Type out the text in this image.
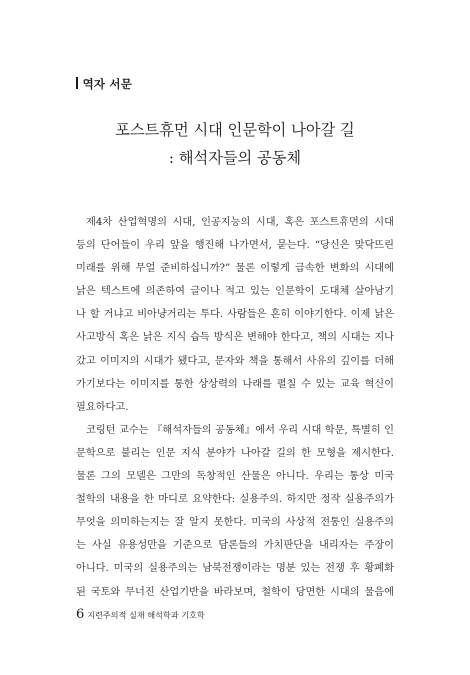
역자 서문
포스트휴먼 시대 인문학이 나아갈 길
: 해석자들의 공동체
제4차 산업혁명의 시대, 인공지능의 시대, 혹은 포스트휴먼의 시대
등의 단어들이 우리 앞을 행진해 나가면서, 묻는다. “당신은 맞닥뜨린
미래를 위해 무얼 준비하십니까?” 물론 이렇게 급속한 변화의 시대에
낡은 텍스트에 의존하여 글이나 적고 있는 인문학이 도대체 살아남기
나 할 거냐고 비아냥거리는 투다. 사람들은 흔히 이야기한다. 이제 낡은
사고방식 혹은 낡은 지식 습득 방식은 변해야 한다고, 책의 시대는 지나
갔고 이미지의 시대가 됐다고, 문자와 책을 통해서 사유의 깊이를 더해
가기보다는 이미지를 통한 상상력의 나래를 펼칠 수 있는 교육 혁신이
필요하다고.
코링턴 교수는 『해석자들의 공동체』에서 우리 시대 학문, 특별히 인
문학으로 불리는 인문 지식 분야가 나아갈 길의 한 모형을 제시한다.
물론 그의 모델은 그만의 독창적인 산물은 아니다. 우리는 통상 미국
철학의 내용을 한 마디로 요약한다: 실용주의. 하지만 정작 실용주의가
무엇을 의미하는지는 잘 알지 못한다. 미국의 사상적 전통인 실용주의
는 사실 유용성만을 기준으로 담론들의 가치판단을 내리자는 주장이
아니다. 미국의 실용주의는 남북전쟁이라는 명분 있는 전쟁 후 황폐화
된 국토와 무너진 산업기반을 바라보며, 철학이 당면한 시대의 물음에
6 지련주의적 실재 해석학과 기호학
